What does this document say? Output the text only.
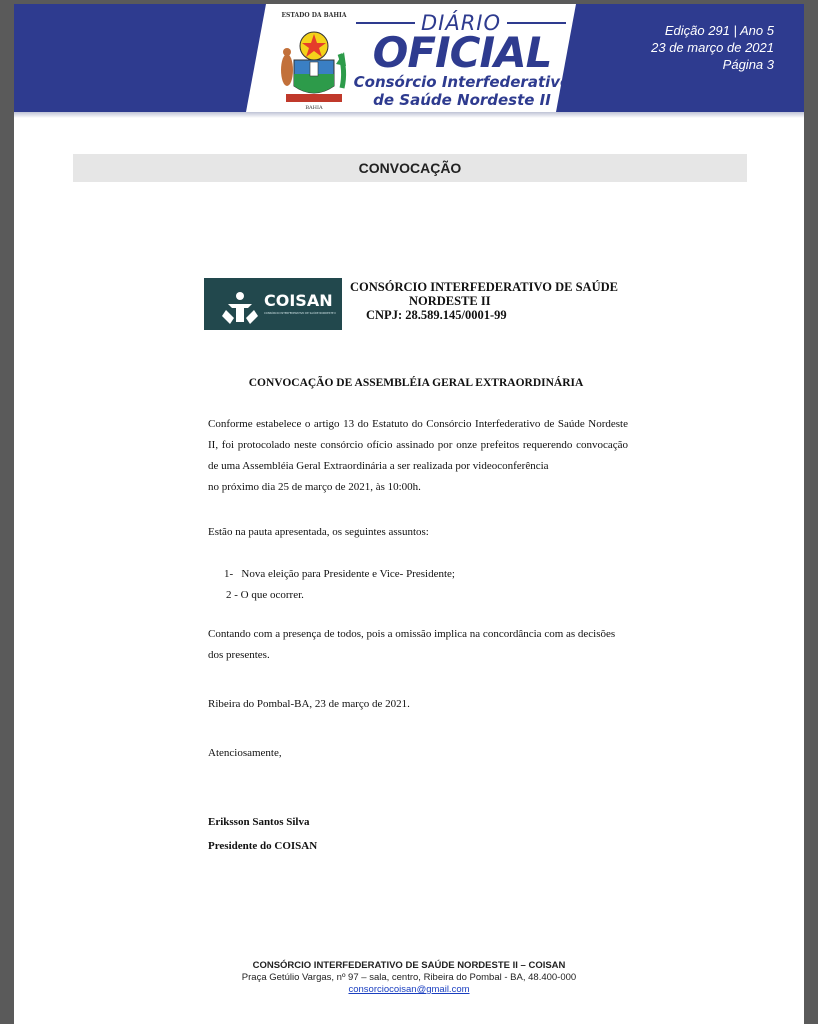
ESTADO DA BAHIA
BAHIA
DIÁRIO
OFICIAL
Consórcio Interfederativo
de Saúde Nordeste II
Edição 291 | Ano 5
23 de março de 2021
Página 3
CONVOCAÇÃO
COISAN
CONSÓRCIO INTERFEDERATIVO DE SAÚDE NORDESTE II
CONSÓRCIO INTERFEDERATIVO DE SAÚDE
NORDESTE II
CNPJ: 28.589.145/0001-99
CONVOCAÇÃO DE ASSEMBLÉIA GERAL EXTRAORDINÁRIA
Conforme estabelece o artigo 13 do Estatuto do Consórcio Interfederativo de Saúde Nordeste II, foi protocolado neste consórcio ofício assinado por onze prefeitos requerendo convocação de uma Assembléia Geral Extraordinária a ser realizada por videoconferência
no próximo dia 25 de março de 2021, às 10:00h.
Estão na pauta apresentada, os seguintes assuntos:
1-   Nova eleição para Presidente e Vice- Presidente;
2 - O que ocorrer.
Contando com a presença de todos, pois a omissão implica na concordância com as decisões dos presentes.
Ribeira do Pombal-BA, 23 de março de 2021.
Atenciosamente,
Eriksson Santos Silva
Presidente do COISAN
CONSÓRCIO INTERFEDERATIVO DE SAÚDE NORDESTE II – COISAN
Praça Getúlio Vargas, nº 97 – sala, centro, Ribeira do Pombal - BA, 48.400-000
consorciocoisan@gmail.com
